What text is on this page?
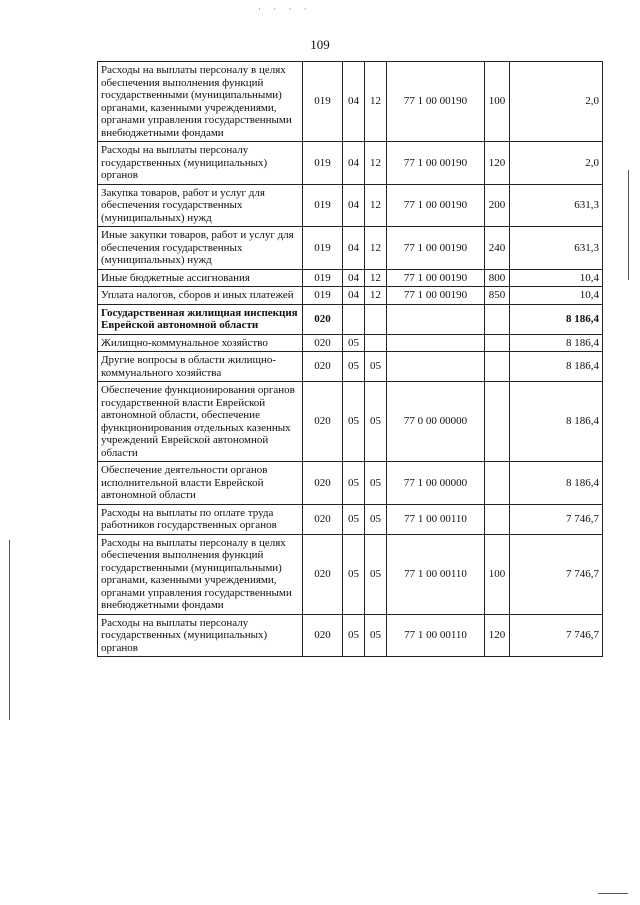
· · · ·
109
Расходы на выплаты персоналу в целях обеспечения выполнения функций государственными (муниципальными) органами, казенными учреждениями, органами управления государственными внебюджетными фондами	019	04	12	77 1 00 00190	100	2,0
Расходы на выплаты персоналу государственных (муниципальных) органов	019	04	12	77 1 00 00190	120	2,0
Закупка товаров, работ и услуг для обеспечения государственных (муниципальных) нужд	019	04	12	77 1 00 00190	200	631,3
Иные закупки товаров, работ и услуг для обеспечения государственных (муниципальных) нужд	019	04	12	77 1 00 00190	240	631,3
Иные бюджетные ассигнования	019	04	12	77 1 00 00190	800	10,4
Уплата налогов, сборов и иных платежей	019	04	12	77 1 00 00190	850	10,4
Государственная жилищная инспекция Еврейской автономной области	020					8 186,4
Жилищно-коммунальное хозяйство	020	05				8 186,4
Другие вопросы в области жилищно-коммунального хозяйства	020	05	05			8 186,4
Обеспечение функционирования органов государственной власти Еврейской автономной области, обеспечение функционирования отдельных казенных учреждений Еврейской автономной области	020	05	05	77 0 00 00000		8 186,4
Обеспечение деятельности органов исполнительной власти Еврейской автономной области	020	05	05	77 1 00 00000		8 186,4
Расходы на выплаты по оплате труда работников государственных органов	020	05	05	77 1 00 00110		7 746,7
Расходы на выплаты персоналу в целях обеспечения выполнения функций государственными (муниципальными) органами, казенными учреждениями, органами управления государственными внебюджетными фондами	020	05	05	77 1 00 00110	100	7 746,7
Расходы на выплаты персоналу государственных (муниципальных) органов	020	05	05	77 1 00 00110	120	7 746,7
